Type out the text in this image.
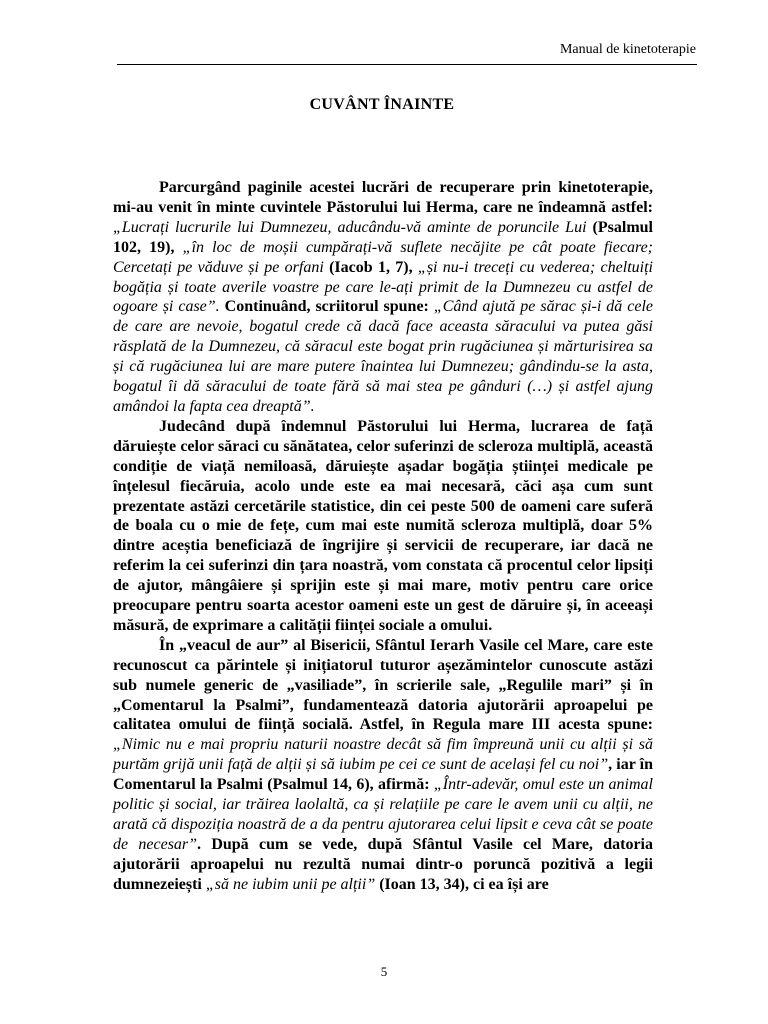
Manual de kinetoterapie
CUVÂNT ÎNAINTE

Parcurgând paginile acestei lucrări de recuperare prin kinetoterapie, mi-au venit în minte cuvintele Păstorului lui Herma, care ne îndeamnă astfel: „Lucrați lucrurile lui Dumnezeu, aducându-vă aminte de poruncile Lui (Psalmul 102, 19), „în loc de moșii cumpărați-vă suflete necăjite pe cât poate fiecare; Cercetați pe văduve și pe orfani (Iacob 1, 7), „și nu-i treceți cu vederea; cheltuiți bogăția și toate averile voastre pe care le-ați primit de la Dumnezeu cu astfel de ogoare și case”. Continuând, scriitorul spune: „Când ajută pe sărac și-i dă cele de care are nevoie, bogatul crede că dacă face aceasta săracului va putea găsi răsplată de la Dumnezeu, că săracul este bogat prin rugăciunea și mărturisirea sa și că rugăciunea lui are mare putere înaintea lui Dumnezeu; gândindu-se la asta, bogatul îi dă săracului de toate fără să mai stea pe gânduri (…) și astfel ajung amândoi la fapta cea dreaptă”.

Judecând după îndemnul Păstorului lui Herma, lucrarea de față dăruiește celor săraci cu sănătatea, celor suferinzi de scleroza multiplă, această condiție de viață nemiloasă, dăruiește așadar bogăția științei medicale pe înțelesul fiecăruia, acolo unde este ea mai necesară, căci așa cum sunt prezentate astăzi cercetările statistice, din cei peste 500 de oameni care suferă de boala cu o mie de fețe, cum mai este numită scleroza multiplă, doar 5% dintre aceștia beneficiază de îngrijire și servicii de recuperare, iar dacă ne referim la cei suferinzi din țara noastră, vom constata că procentul celor lipsiți de ajutor, mângâiere și sprijin este și mai mare, motiv pentru care orice preocupare pentru soarta acestor oameni este un gest de dăruire și, în aceeași măsură, de exprimare a calității ființei sociale a omului.

În „veacul de aur” al Bisericii, Sfântul Ierarh Vasile cel Mare, care este recunoscut ca părintele și inițiatorul tuturor așezămintelor cunoscute astăzi sub numele generic de „vasiliade”, în scrierile sale, „Regulile mari” și în „Comentarul la Psalmi”, fundamentează datoria ajutorării aproapelui pe calitatea omului de ființă socială. Astfel, în Regula mare III acesta spune: „Nimic nu e mai propriu naturii noastre decât să fim împreună unii cu alții și să purtăm grijă unii față de alții și să iubim pe cei ce sunt de același fel cu noi”, iar în Comentarul la Psalmi (Psalmul 14, 6), afirmă: „Într-adevăr, omul este un animal politic și social, iar trăirea laolaltă, ca și relațiile pe care le avem unii cu alții, ne arată că dispoziția noastră de a da pentru ajutorarea celui lipsit e ceva cât se poate de necesar”. După cum se vede, după Sfântul Vasile cel Mare, datoria ajutorării aproapelui nu rezultă numai dintr-o poruncă pozitivă a legii dumnezeiești „să ne iubim unii pe alții” (Ioan 13, 34), ci ea își are

5
